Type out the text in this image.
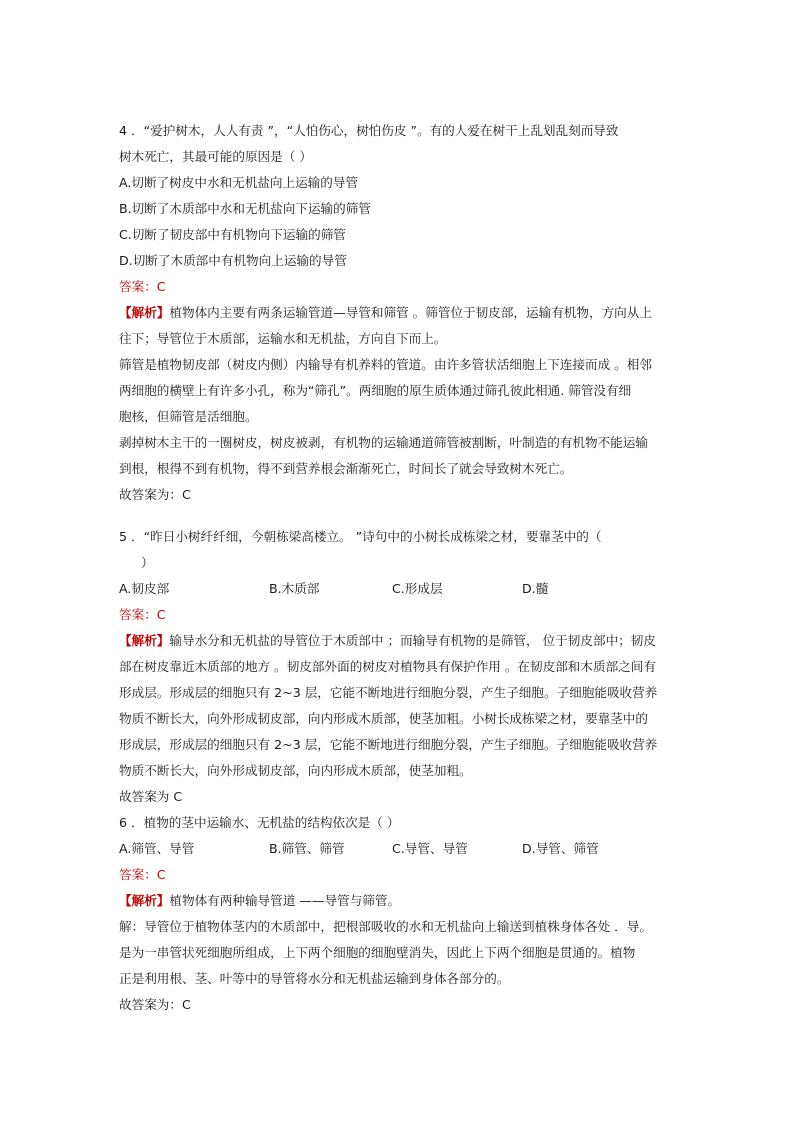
4 ．“爱护树木，人人有责 ”，“人怕伤心，树怕伤皮 ”。有的人爱在树干上乱划乱刻而导致
树木死亡，其最可能的原因是（ ）
A.切断了树皮中水和无机盐向上运输的导管
B.切断了木质部中水和无机盐向下运输的筛管
C.切断了韧皮部中有机物向下运输的筛管
D.切断了木质部中有机物向上运输的导管
答案：C
【解析】植物体内主要有两条运输管道—导管和筛管 。筛管位于韧皮部，运输有机物，方向从上
往下；导管位于木质部，运输水和无机盐，方向自下而上。
筛管是植物韧皮部（树皮内侧）内输导有机养料的管道。由许多管状活细胞上下连接而成 。相邻
两细胞的横壁上有许多小孔，称为“筛孔”。两细胞的原生质体通过筛孔彼此相通. 筛管没有细
胞核，但筛管是活细胞。
剥掉树木主干的一圈树皮，树皮被剥，有机物的运输通道筛管被割断，叶制造的有机物不能运输
到根，根得不到有机物，得不到营养根会渐渐死亡，时间长了就会导致树木死亡。
故答案为：C
5 ．“昨日小树纤纤细，今朝栋梁高楼立。 ”诗句中的小树长成栋梁之材，要靠茎中的（
）
A.韧皮部	B.木质部	C.形成层	D.髓
答案：C
【解析】输导水分和无机盐的导管位于木质部中 ；而输导有机物的是筛管， 位于韧皮部中；韧皮
部在树皮靠近木质部的地方 。韧皮部外面的树皮对植物具有保护作用 。在韧皮部和木质部之间有
形成层。形成层的细胞只有 2~3 层，它能不断地进行细胞分裂，产生子细胞。子细胞能吸收营养
物质不断长大，向外形成韧皮部，向内形成木质部，使茎加粗。小树长成栋梁之材，要靠茎中的
形成层，形成层的细胞只有 2~3 层，它能不断地进行细胞分裂，产生子细胞。子细胞能吸收营养
物质不断长大，向外形成韧皮部，向内形成木质部，使茎加粗。
故答案为 C
6 ．植物的茎中运输水、无机盐的结构依次是（ ）
A.筛管、导管	B.筛管、筛管	C.导管、导管	D.导管、筛管
答案：C
【解析】植物体有两种输导管道 ——导管与筛管。
解：导管位于植物体茎内的木质部中，把根部吸收的水和无机盐向上输送到植株身体各处 ．导。
是为一串管状死细胞所组成，上下两个细胞的细胞壁消失，因此上下两个细胞是贯通的。植物
正是利用根、茎、叶等中的导管将水分和无机盐运输到身体各部分的。
故答案为：C
